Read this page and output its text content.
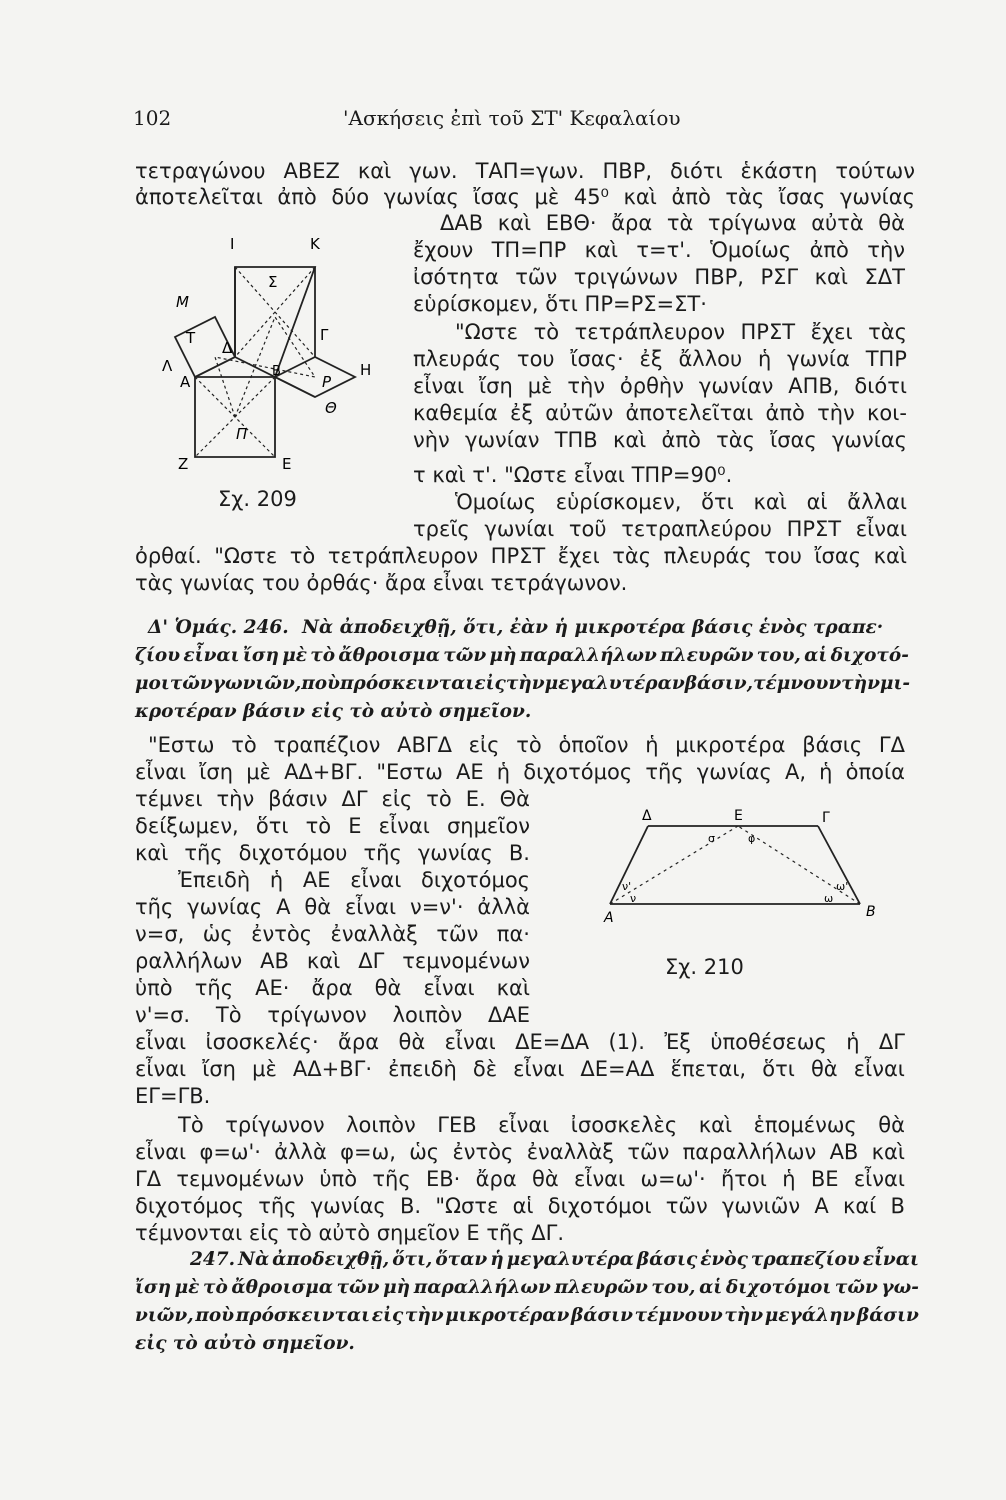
102	'Ασκήσεις ἐπὶ τοῦ ΣΤ' Κεφαλαίου
τετραγώνου ΑΒΕΖ καὶ γων. ΤΑΠ=γων. ΠΒΡ, διότι ἑκάστη τούτων
ἀποτελεῖται ἀπὸ δύο γωνίας ἴσας μὲ 45⁰ καὶ ἀπὸ τὰς ἴσας γωνίας
ΔΑΒ καὶ ΕΒΘ· ἄρα τὰ τρίγωνα αὐτὰ θὰ
ἔχουν ΤΠ=ΠΡ καὶ τ=τ'. Ὁμοίως ἀπὸ τὴν
ἰσότητα τῶν τριγώνων ΠΒΡ, ΡΣΓ καὶ ΣΔΤ
εὑρίσκομεν, ὅτι ΠΡ=ΡΣ=ΣΤ·
"Ωστε τὸ τετράπλευρον ΠΡΣΤ ἔχει τὰς
πλευράς του ἴσας· ἐξ ἄλλου ἡ γωνία ΤΠΡ
εἶναι ἴση μὲ τὴν ὀρθὴν γωνίαν ΑΠΒ, διότι
καθεμία ἐξ αὐτῶν ἀποτελεῖται ἀπὸ τὴν κοι-
νὴν γωνίαν ΤΠΒ καὶ ἀπὸ τὰς ἴσας γωνίας
τ καὶ τ'. "Ωστε εἶναι ΤΠΡ=90⁰.
Ὁμοίως εὑρίσκομεν, ὅτι καὶ αἱ ἄλλαι
τρεῖς γωνίαι τοῦ τετραπλεύρου ΠΡΣΤ εἶναι
ὀρθαί. "Ωστε τὸ τετράπλευρον ΠΡΣΤ ἔχει τὰς πλευράς του ἴσας καὶ
τὰς γωνίας του ὀρθάς· ἄρα εἶναι τετράγωνον.
I	K
Μ
Σ
Γ
Τ
Δ
Λ
Α
Β	Η
Ρ
Θ
Π
Ζ	Ε
Σχ. 209
Δ' Ὁμάς. 246. Νὰ ἀποδειχθῇ, ὅτι, ἐὰν ἡ μικροτέρα βάσις ἑνὸς τραπε·
ζίου εἶναι ἴση μὲ τὸ ἄθροισμα τῶν μὴ παραλλήλων πλευρῶν του, αἱ διχοτό-
μοι τῶν γωνιῶν, ποὺ πρόσκεινται εἰς τὴν μεγαλυτέραν βάσιν, τέμνουν τὴν μι-
κροτέραν βάσιν εἰς τὸ αὐτὸ σημεῖον.
"Εστω τὸ τραπέζιον ΑΒΓΔ εἰς τὸ ὁποῖον ἡ μικροτέρα βάσις ΓΔ
εἶναι ἴση μὲ ΑΔ+ΒΓ. "Εστω ΑΕ ἡ διχοτόμος τῆς γωνίας Α, ἡ ὁποία
τέμνει τὴν βάσιν ΔΓ εἰς τὸ Ε. Θὰ
δείξωμεν, ὅτι τὸ Ε εἶναι σημεῖον
καὶ τῆς διχοτόμου τῆς γωνίας Β.
Ἐπειδὴ ἡ ΑΕ εἶναι διχοτόμος
τῆς γωνίας Α θὰ εἶναι ν=ν'· ἀλλὰ
ν=σ, ὡς ἐντὸς ἐναλλὰξ τῶν πα·
ραλλήλων ΑΒ καὶ ΔΓ τεμνομένων
ὑπὸ τῆς ΑΕ· ἄρα θὰ εἶναι καὶ
ν'=σ. Τὸ τρίγωνον λοιπὸν ΔΑΕ
εἶναι ἰσοσκελές· ἄρα θὰ εἶναι ΔΕ=ΔΑ (1). Ἐξ ὑποθέσεως ἡ ΔΓ
εἶναι ἴση μὲ ΑΔ+ΒΓ· ἐπειδὴ δὲ εἶναι ΔΕ=ΑΔ ἕπεται, ὅτι θὰ εἶναι
ΕΓ=ΓΒ.
Τὸ τρίγωνον λοιπὸν ΓΕΒ εἶναι ἰσοσκελὲς καὶ ἑπομένως θὰ
εἶναι φ=ω'· ἀλλὰ φ=ω, ὡς ἐντὸς ἐναλλὰξ τῶν παραλλήλων ΑΒ καὶ
ΓΔ τεμνομένων ὑπὸ τῆς ΕΒ· ἄρα θὰ εἶναι ω=ω'· ἤτοι ἡ ΒΕ εἶναι
διχοτόμος τῆς γωνίας Β. "Ωστε αἱ διχοτόμοι τῶν γωνιῶν Α καί Β
τέμνονται εἰς τὸ αὐτὸ σημεῖον Ε τῆς ΔΓ.
Δ	Ε	Γ
Α	Β
σ	φ
ν'
ν
ω'
ω
Σχ. 210
247. Νὰ ἀποδειχθῇ, ὅτι, ὅταν ἡ μεγαλυτέρα βάσις ἑνὸς τραπεζίου εἶναι
ἴση μὲ τὸ ἄθροισμα τῶν μὴ παραλλήλων πλευρῶν του, αἱ διχοτόμοι τῶν γω-
νιῶν, ποὺ πρόσκεινται εἰς τὴν μικροτέραν βάσιν τέμνουν τὴν μεγάλην βάσιν
εἰς τὸ αὐτὸ σημεῖον.
